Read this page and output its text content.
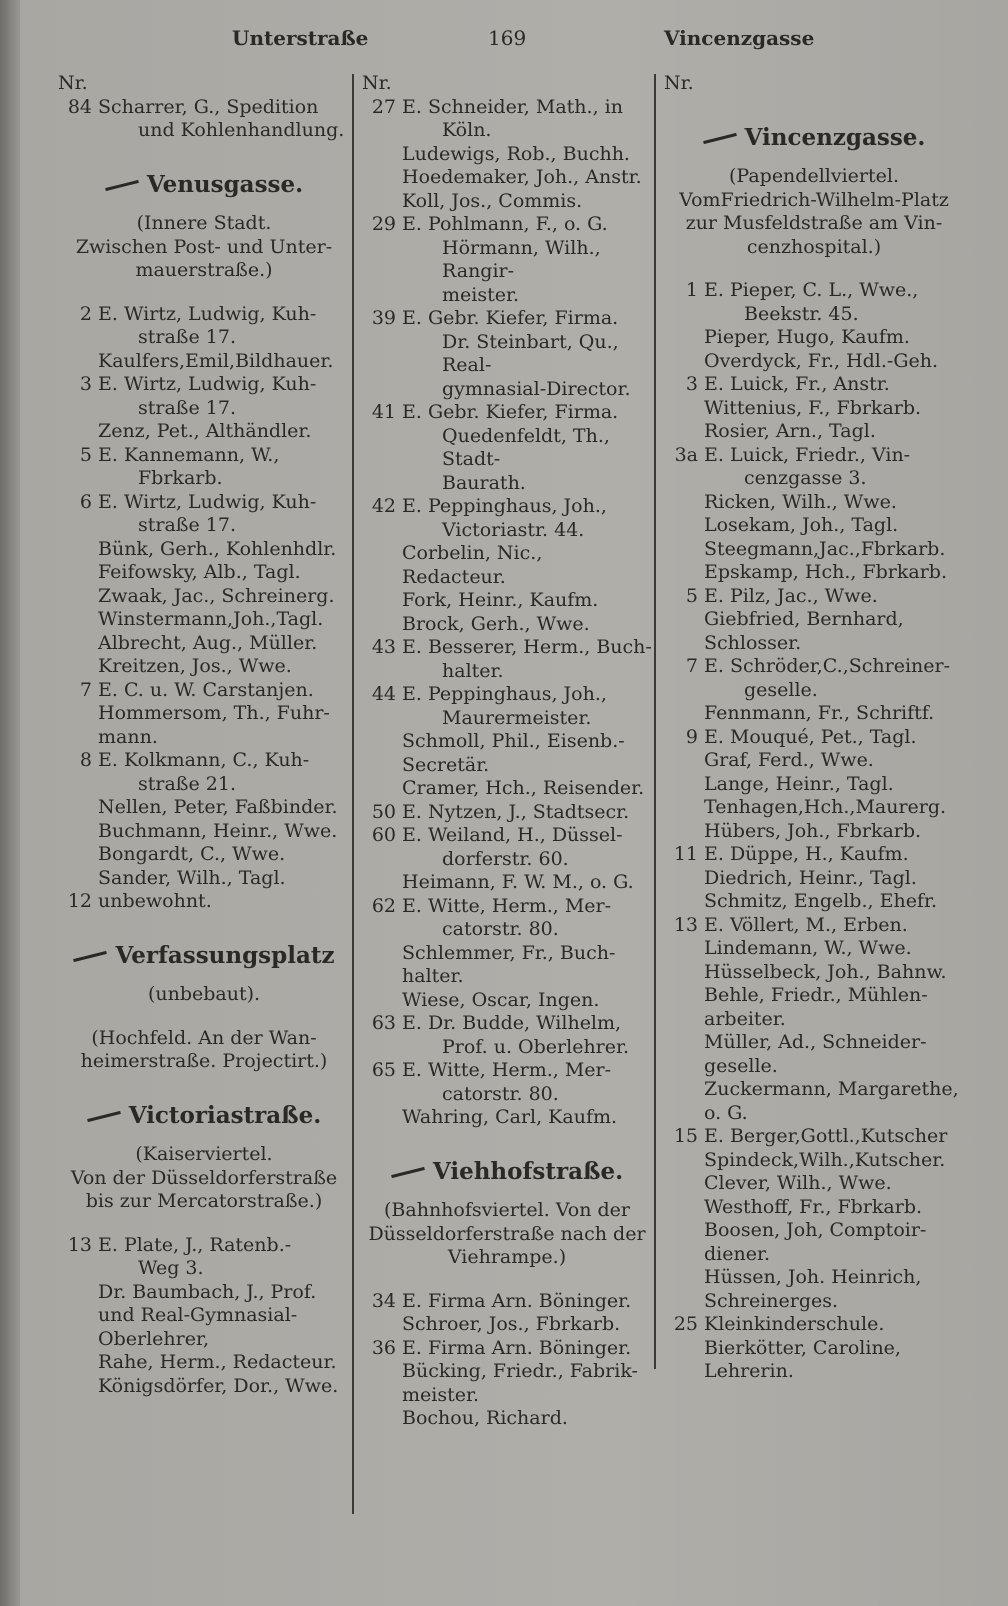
Unterstraße	169	Vincenzgasse
Nr.
84 Scharrer, G., Spedition
und Kohlenhandlung.
Venusgasse.
(Innere Stadt.
Zwischen Post- und Unter-
mauerstraße.)
2 E. Wirtz, Ludwig, Kuh-
straße 17.
Kaulfers,Emil,Bildhauer.
3 E. Wirtz, Ludwig, Kuh-
straße 17.
Zenz, Pet., Althändler.
5 E. Kannemann, W.,
Fbrkarb.
6 E. Wirtz, Ludwig, Kuh-
straße 17.
Bünk, Gerh., Kohlenhdlr.
Feifowsky, Alb., Tagl.
Zwaak, Jac., Schreinerg.
Winstermann,Joh.,Tagl.
Albrecht, Aug., Müller.
Kreitzen, Jos., Wwe.
7 E. C. u. W. Carstanjen.
Hommersom, Th., Fuhr-
mann.
8 E. Kolkmann, C., Kuh-
straße 21.
Nellen, Peter, Faßbinder.
Buchmann, Heinr., Wwe.
Bongardt, C., Wwe.
Sander, Wilh., Tagl.
12 unbewohnt.
Verfassungsplatz
(unbebaut).
(Hochfeld. An der Wan-
heimerstraße. Projectirt.)
Victoriastraße.
(Kaiserviertel.
Von der Düsseldorferstraße
bis zur Mercatorstraße.)
13 E. Plate, J., Ratenb.-
Weg 3.
Dr. Baumbach, J., Prof.
und Real-Gymnasial-
Oberlehrer,
Rahe, Herm., Redacteur.
Königsdörfer, Dor., Wwe.
Nr.
27 E. Schneider, Math., in
Köln.
Ludewigs, Rob., Buchh.
Hoedemaker, Joh., Anstr.
Koll, Jos., Commis.
29 E. Pohlmann, F., o. G.
Hörmann, Wilh., Rangir-
meister.
39 E. Gebr. Kiefer, Firma.
Dr. Steinbart, Qu., Real-
gymnasial-Director.
41 E. Gebr. Kiefer, Firma.
Quedenfeldt, Th., Stadt-
Baurath.
42 E. Peppinghaus, Joh.,
Victoriastr. 44.
Corbelin, Nic., Redacteur.
Fork, Heinr., Kaufm.
Brock, Gerh., Wwe.
43 E. Besserer, Herm., Buch-
halter.
44 E. Peppinghaus, Joh.,
Maurermeister.
Schmoll, Phil., Eisenb.-
Secretär.
Cramer, Hch., Reisender.
50 E. Nytzen, J., Stadtsecr.
60 E. Weiland, H., Düssel-
dorferstr. 60.
Heimann, F. W. M., o. G.
62 E. Witte, Herm., Mer-
catorstr. 80.
Schlemmer, Fr., Buch-
halter.
Wiese, Oscar, Ingen.
63 E. Dr. Budde, Wilhelm,
Prof. u. Oberlehrer.
65 E. Witte, Herm., Mer-
catorstr. 80.
Wahring, Carl, Kaufm.
Viehhofstraße.
(Bahnhofsviertel. Von der
Düsseldorferstraße nach der
Viehrampe.)
34 E. Firma Arn. Böninger.
Schroer, Jos., Fbrkarb.
36 E. Firma Arn. Böninger.
Bücking, Friedr., Fabrik-
meister.
Bochou, Richard.
Nr.
Vincenzgasse.
(Papendellviertel.
VomFriedrich-Wilhelm-Platz
zur Musfeldstraße am Vin-
cenzhospital.)
1 E. Pieper, C. L., Wwe.,
Beekstr. 45.
Pieper, Hugo, Kaufm.
Overdyck, Fr., Hdl.-Geh.
3 E. Luick, Fr., Anstr.
Wittenius, F., Fbrkarb.
Rosier, Arn., Tagl.
3a E. Luick, Friedr., Vin-
cenzgasse 3.
Ricken, Wilh., Wwe.
Losekam, Joh., Tagl.
Steegmann,Jac.,Fbrkarb.
Epskamp, Hch., Fbrkarb.
5 E. Pilz, Jac., Wwe.
Giebfried, Bernhard,
Schlosser.
7 E. Schröder,C.,Schreiner-
geselle.
Fennmann, Fr., Schriftf.
9 E. Mouqué, Pet., Tagl.
Graf, Ferd., Wwe.
Lange, Heinr., Tagl.
Tenhagen,Hch.,Maurerg.
Hübers, Joh., Fbrkarb.
11 E. Düppe, H., Kaufm.
Diedrich, Heinr., Tagl.
Schmitz, Engelb., Ehefr.
13 E. Völlert, M., Erben.
Lindemann, W., Wwe.
Hüsselbeck, Joh., Bahnw.
Behle, Friedr., Mühlen-
arbeiter.
Müller, Ad., Schneider-
geselle.
Zuckermann, Margarethe,
o. G.
15 E. Berger,Gottl.,Kutscher
Spindeck,Wilh.,Kutscher.
Clever, Wilh., Wwe.
Westhoff, Fr., Fbrkarb.
Boosen, Joh, Comptoir-
diener.
Hüssen, Joh. Heinrich,
Schreinerges.
25 Kleinkinderschule.
Bierkötter, Caroline,
Lehrerin.
